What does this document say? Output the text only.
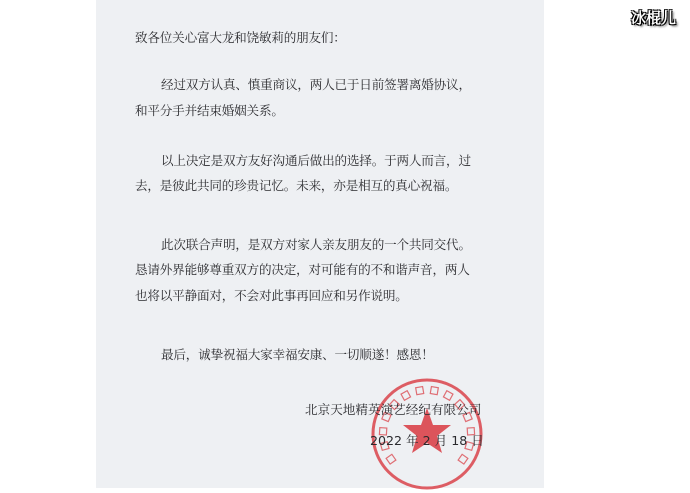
致各位关心富大龙和饶敏莉的朋友们：
经过双方认真、慎重商议，两人已于日前签署离婚协议，
和平分手并结束婚姻关系。
以上决定是双方友好沟通后做出的选择。于两人而言，过
去，是彼此共同的珍贵记忆。未来，亦是相互的真心祝福。
此次联合声明，是双方对家人亲友朋友的一个共同交代。
恳请外界能够尊重双方的决定，对可能有的不和谐声音，两人
也将以平静面对，不会对此事再回应和另作说明。
最后，诚挚祝福大家幸福安康、一切顺遂！感恩！
北京天地精英演艺经纪有限公司
2022 年 2 月 18 日
冰棍儿
